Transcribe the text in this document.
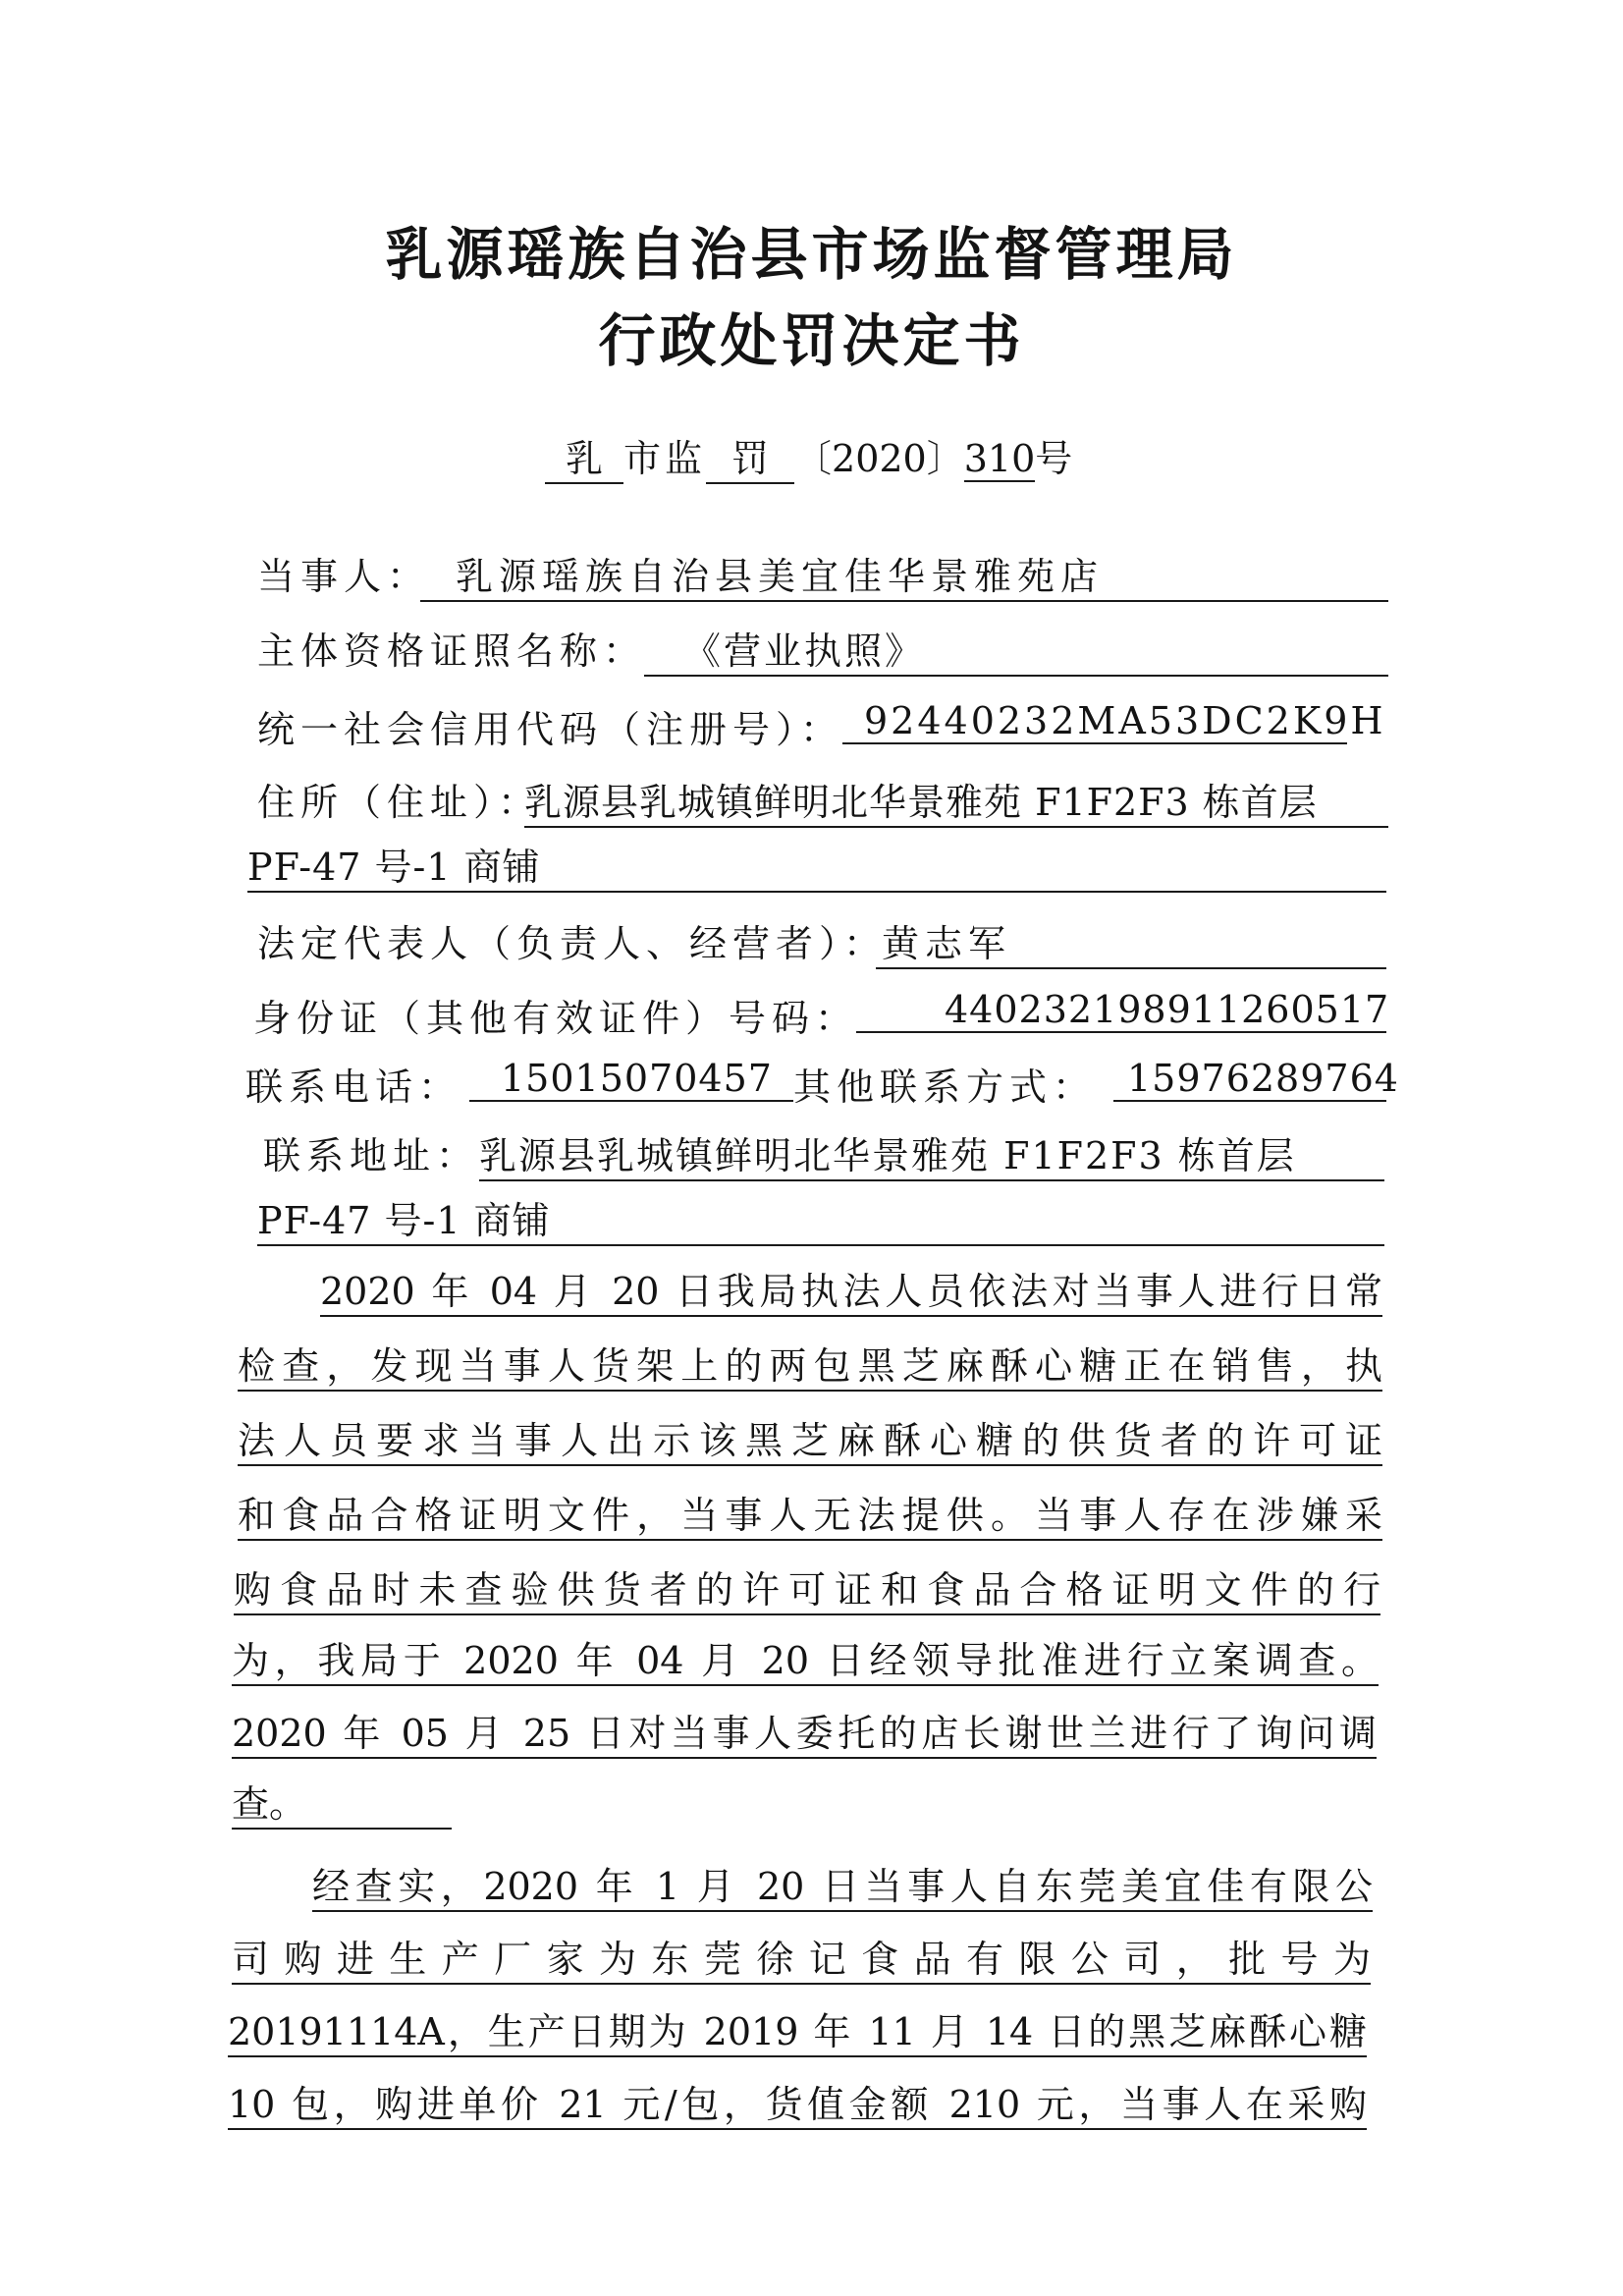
乳源瑶族自治县市场监督管理局
行政处罚决定书
乳 市监 罚 〔2020〕310号
当事人： 乳源瑶族自治县美宜佳华景雅苑店
主体资格证照名称： 《营业执照》
统一社会信用代码（注册号）： 92440232MA53DC2K9H
住所（住址）：
乳源县乳城镇鲜明北华景雅苑 F1F2F3 栋首层
PF-47 号-1 商铺
法定代表人（负责人、经营者）：
黄志军
身份证（其他有效证件）号码：	440232198911260517
联系电话：	15015070457 其他联系方式： 15976289764
联系地址： 乳源县乳城镇鲜明北华景雅苑 F1F2F3 栋首层
PF-47 号-1 商铺
2020 年 04 月 20 日我局执法人员依法对当事人进行日常
检查，发现当事人货架上的两包黑芝麻酥心糖正在销售，执
法人员要求当事人出示该黑芝麻酥心糖的供货者的许可证
和食品合格证明文件，当事人无法提供。当事人存在涉嫌采
购食品时未查验供货者的许可证和食品合格证明文件的行
为，我局于 2020 年 04 月 20 日经领导批准进行立案调查。
2020 年 05 月 25 日对当事人委托的店长谢世兰进行了询问调
查。
经查实，2020 年 1 月 20 日当事人自东莞美宜佳有限公
司购进生产厂家为东莞徐记食品有限公司，批号为
20191114A，生产日期为 2019 年 11 月 14 日的黑芝麻酥心糖
10 包，购进单价 21 元/包，货值金额 210 元，当事人在采购
